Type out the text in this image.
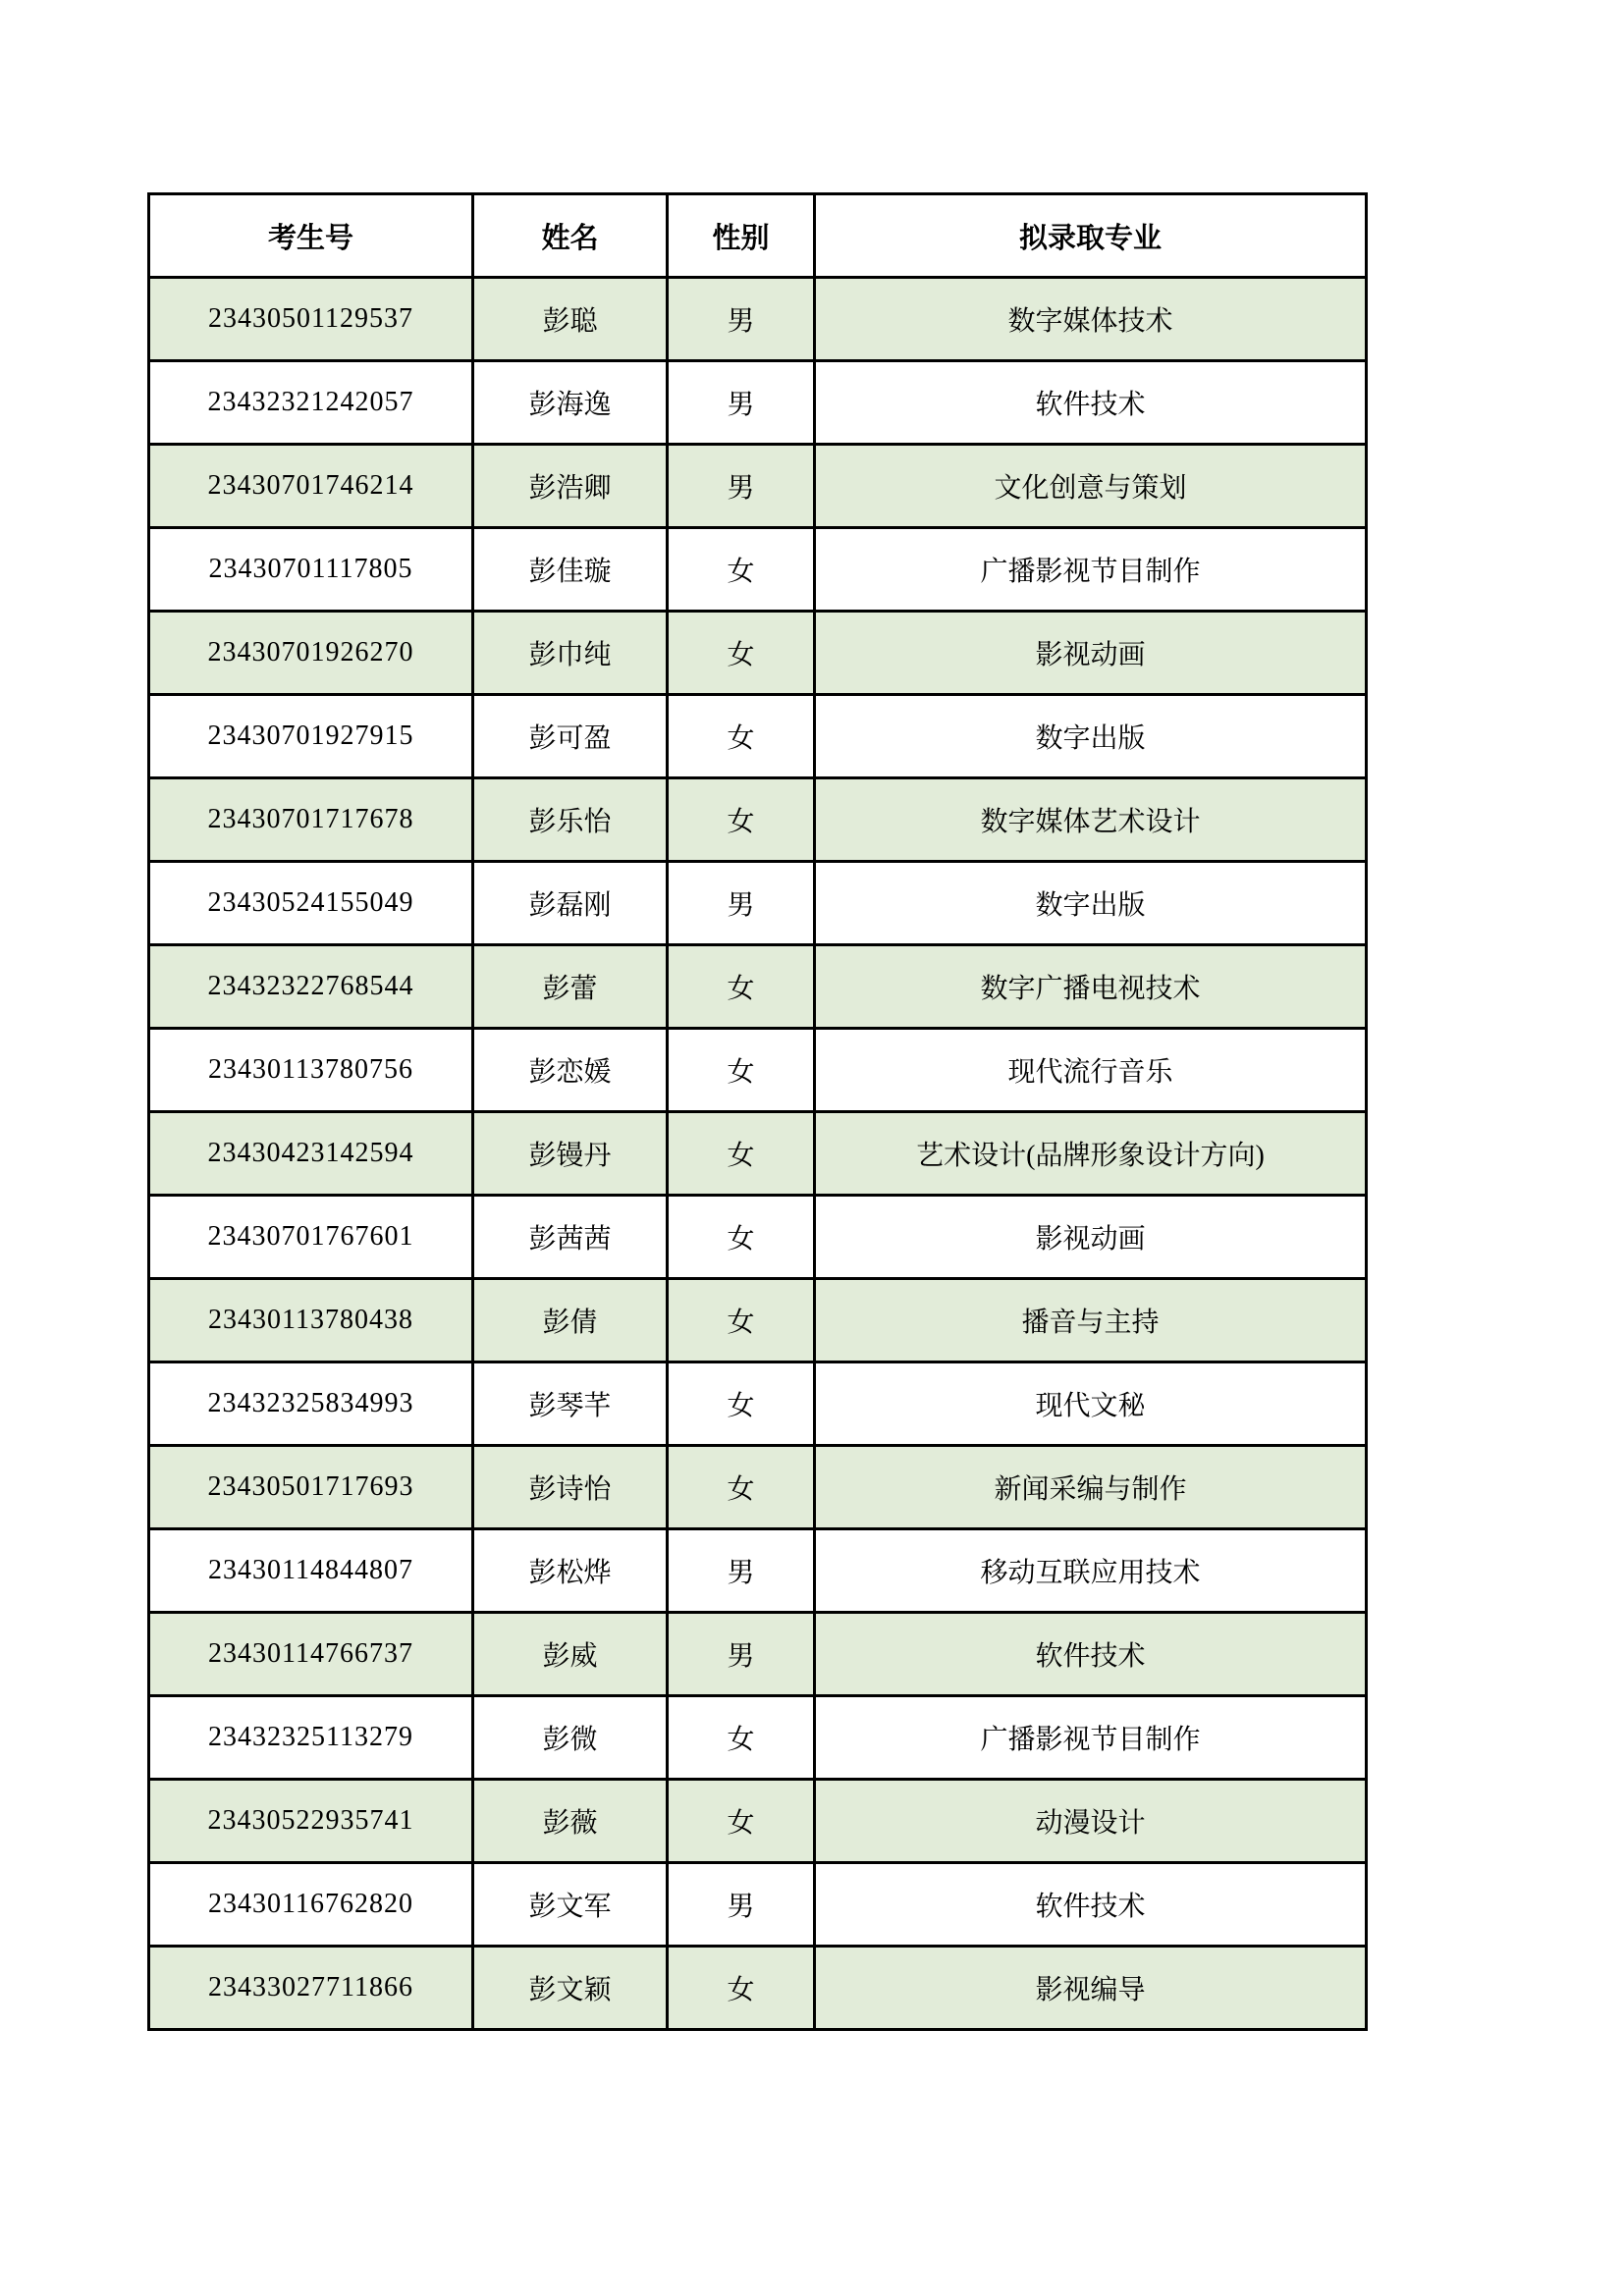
考生号	姓名	性别	拟录取专业
23430501129537	彭聪	男	数字媒体技术
23432321242057	彭海逸	男	软件技术
23430701746214	彭浩卿	男	文化创意与策划
23430701117805	彭佳璇	女	广播影视节目制作
23430701926270	彭巾纯	女	影视动画
23430701927915	彭可盈	女	数字出版
23430701717678	彭乐怡	女	数字媒体艺术设计
23430524155049	彭磊刚	男	数字出版
23432322768544	彭蕾	女	数字广播电视技术
23430113780756	彭恋媛	女	现代流行音乐
23430423142594	彭镘丹	女	艺术设计(品牌形象设计方向)
23430701767601	彭茜茜	女	影视动画
23430113780438	彭倩	女	播音与主持
23432325834993	彭琴芊	女	现代文秘
23430501717693	彭诗怡	女	新闻采编与制作
23430114844807	彭松烨	男	移动互联应用技术
23430114766737	彭威	男	软件技术
23432325113279	彭微	女	广播影视节目制作
23430522935741	彭薇	女	动漫设计
23430116762820	彭文军	男	软件技术
23433027711866	彭文颖	女	影视编导
